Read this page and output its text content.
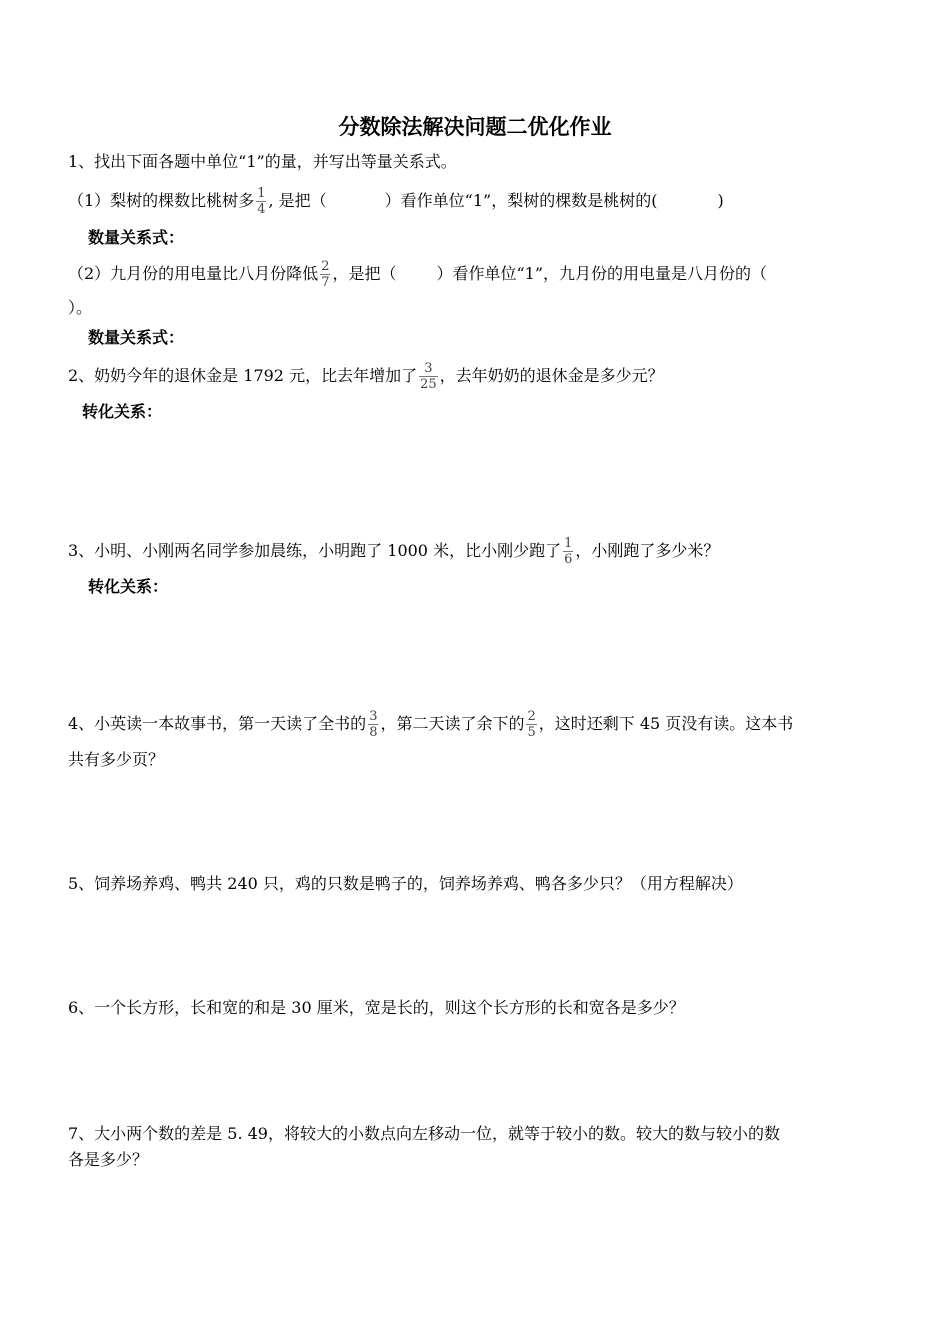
分数除法解决问题二优化作业
1、找出下面各题中单位“1”的量，并写出等量关系式。
（1）梨树的棵数比桃树多 $\frac{1}{4}$ , 是把（	）看作单位“1”，梨树的棵数是桃树的(	)
数量关系式：
（2）九月份的用电量比八月份降低 $\frac{2}{7}$ ，是把（	）看作单位“1”，九月份的用电量是八月份的（
）。
数量关系式：
2、奶奶今年的退休金是 1792 元，比去年增加了 $\frac{3}{25}$ ，去年奶奶的退休金是多少元？
转化关系：
3、小明、小刚两名同学参加晨练，小明跑了 1000 米，比小刚少跑了 $\frac{1}{6}$ ，小刚跑了多少米？
转化关系：
4、小英读一本故事书，第一天读了全书的 $\frac{3}{8}$ ，第二天读了余下的 $\frac{2}{5}$ ，这时还剩下 45 页没有读。这本书
共有多少页？
5、饲养场养鸡、鸭共 240 只，鸡的只数是鸭子的，饲养场养鸡、鸭各多少只？（用方程解决）
6、一个长方形，长和宽的和是 30 厘米，宽是长的，则这个长方形的长和宽各是多少？
7、大小两个数的差是 5. 49，将较大的小数点向左移动一位，就等于较小的数。较大的数与较小的数
各是多少？
